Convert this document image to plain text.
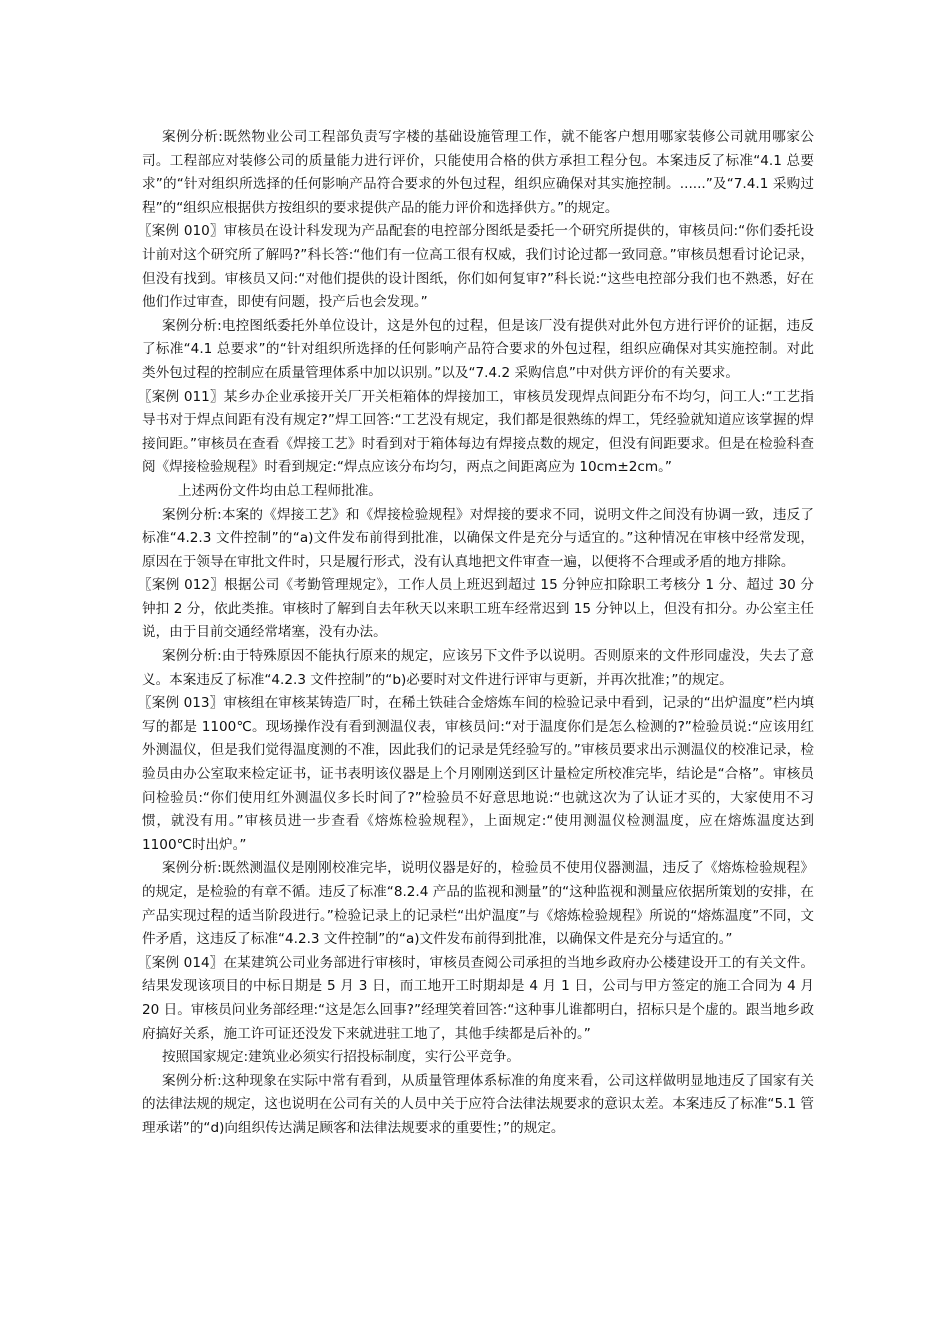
案例分析:既然物业公司工程部负责写字楼的基础设施管理工作，就不能客户想用哪家装修公司就用哪家公司。工程部应对装修公司的质量能力进行评价，只能使用合格的供方承担工程分包。本案违反了标准“4.1 总要求”的“针对组织所选择的任何影响产品符合要求的外包过程，组织应确保对其实施控制。......”及“7.4.1 采购过程”的“组织应根据供方按组织的要求提供产品的能力评价和选择供方。”的规定。

〖案例 010〗审核员在设计科发现为产品配套的电控部分图纸是委托一个研究所提供的，审核员问:“你们委托设计前对这个研究所了解吗?”科长答:“他们有一位高工很有权威，我们讨论过都一致同意。”审核员想看讨论记录，但没有找到。审核员又问:“对他们提供的设计图纸，你们如何复审?”科长说:“这些电控部分我们也不熟悉，好在他们作过审查，即使有问题，投产后也会发现。”

案例分析:电控图纸委托外单位设计，这是外包的过程，但是该厂没有提供对此外包方进行评价的证据，违反了标准“4.1 总要求”的“针对组织所选择的任何影响产品符合要求的外包过程，组织应确保对其实施控制。对此类外包过程的控制应在质量管理体系中加以识别。”以及“7.4.2 采购信息”中对供方评价的有关要求。

〖案例 011〗某乡办企业承接开关厂开关柜箱体的焊接加工，审核员发现焊点间距分布不均匀，问工人:“工艺指导书对于焊点间距有没有规定?”焊工回答:“工艺没有规定，我们都是很熟练的焊工，凭经验就知道应该掌握的焊接间距。”审核员在查看《焊接工艺》时看到对于箱体每边有焊接点数的规定，但没有间距要求。但是在检验科查阅《焊接检验规程》时看到规定:“焊点应该分布均匀，两点之间距离应为 10cm±2cm。”

上述两份文件均由总工程师批准。

案例分析:本案的《焊接工艺》和《焊接检验规程》对焊接的要求不同，说明文件之间没有协调一致，违反了标准“4.2.3 文件控制”的“a)文件发布前得到批准，以确保文件是充分与适宜的。”这种情况在审核中经常发现，原因在于领导在审批文件时，只是履行形式，没有认真地把文件审查一遍，以便将不合理或矛盾的地方排除。

〖案例 012〗根据公司《考勤管理规定》，工作人员上班迟到超过 15 分钟应扣除职工考核分 1 分、超过 30 分钟扣 2 分，依此类推。审核时了解到自去年秋天以来职工班车经常迟到 15 分钟以上，但没有扣分。办公室主任说，由于目前交通经常堵塞，没有办法。

案例分析:由于特殊原因不能执行原来的规定，应该另下文件予以说明。否则原来的文件形同虚没，失去了意义。本案违反了标准“4.2.3 文件控制”的“b)必要时对文件进行评审与更新，并再次批准；”的规定。

〖案例 013〗审核组在审核某铸造厂时，在稀土铁硅合金熔炼车间的检验记录中看到，记录的“出炉温度”栏内填写的都是 1100℃。现场操作没有看到测温仪表，审核员问:“对于温度你们是怎么检测的?”检验员说:“应该用红外测温仪，但是我们觉得温度测的不准，因此我们的记录是凭经验写的。”审核员要求出示测温仪的校准记录，检验员由办公室取来检定证书，证书表明该仪器是上个月刚刚送到区计量检定所校准完毕，结论是“合格”。审核员问检验员:“你们使用红外测温仪多长时间了?”检验员不好意思地说:“也就这次为了认证才买的，大家使用不习惯，就没有用。”审核员进一步查看《熔炼检验规程》，上面规定:“使用测温仪检测温度，应在熔炼温度达到 1100℃时出炉。”

案例分析:既然测温仪是刚刚校准完毕，说明仪器是好的，检验员不使用仪器测温，违反了《熔炼检验规程》的规定，是检验的有章不循。违反了标准“8.2.4 产品的监视和测量”的“这种监视和测量应依据所策划的安排，在产品实现过程的适当阶段进行。”检验记录上的记录栏“出炉温度”与《熔炼检验规程》所说的“熔炼温度”不同，文件矛盾，这违反了标准“4.2.3 文件控制”的“a)文件发布前得到批准，以确保文件是充分与适宜的。”

〖案例 014〗在某建筑公司业务部进行审核时，审核员查阅公司承担的当地乡政府办公楼建设开工的有关文件。结果发现该项目的中标日期是 5 月 3 日，而工地开工时期却是 4 月 1 日，公司与甲方签定的施工合同为 4 月 20 日。审核员问业务部经理:“这是怎么回事?”经理笑着回答:“这种事儿谁都明白，招标只是个虚的。跟当地乡政府搞好关系，施工许可证还没发下来就进驻工地了，其他手续都是后补的。”

按照国家规定:建筑业必须实行招投标制度，实行公平竞争。

案例分析:这种现象在实际中常有看到，从质量管理体系标准的角度来看，公司这样做明显地违反了国家有关的法律法规的规定，这也说明在公司有关的人员中关于应符合法律法规要求的意识太差。本案违反了标准“5.1 管理承诺”的“d)向组织传达满足顾客和法律法规要求的重要性；”的规定。
